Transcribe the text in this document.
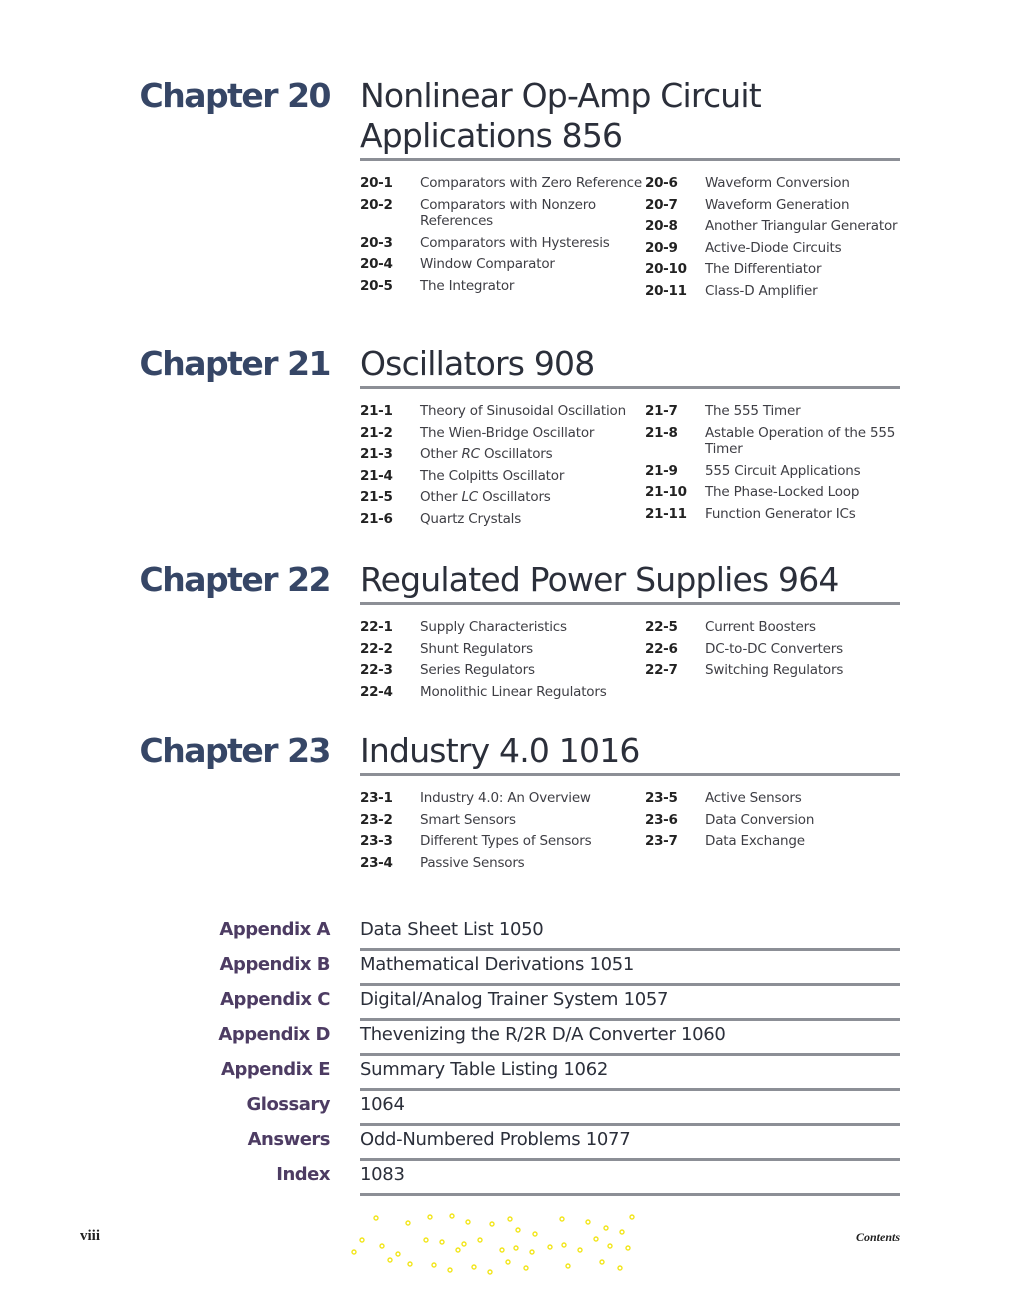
Chapter 20 Nonlinear Op-Amp Circuit Applications 856
20-1	Comparators with Zero Reference
20-2	Comparators with Nonzero References
20-3	Comparators with Hysteresis
20-4	Window Comparator
20-5	The Integrator
20-6	Waveform Conversion
20-7	Waveform Generation
20-8	Another Triangular Generator
20-9	Active-Diode Circuits
20-10	The Differentiator
20-11	Class-D Amplifier
Chapter 21 Oscillators 908
21-1	Theory of Sinusoidal Oscillation
21-2	The Wien-Bridge Oscillator
21-3	Other RC Oscillators
21-4	The Colpitts Oscillator
21-5	Other LC Oscillators
21-6	Quartz Crystals
21-7	The 555 Timer
21-8	Astable Operation of the 555 Timer
21-9	555 Circuit Applications
21-10	The Phase-Locked Loop
21-11	Function Generator ICs
Chapter 22 Regulated Power Supplies 964
22-1	Supply Characteristics
22-2	Shunt Regulators
22-3	Series Regulators
22-4	Monolithic Linear Regulators
22-5	Current Boosters
22-6	DC-to-DC Converters
22-7	Switching Regulators
Chapter 23 Industry 4.0 1016
23-1	Industry 4.0: An Overview
23-2	Smart Sensors
23-3	Different Types of Sensors
23-4	Passive Sensors
23-5	Active Sensors
23-6	Data Conversion
23-7	Data Exchange
Appendix A Data Sheet List 1050
Appendix B Mathematical Derivations 1051
Appendix C Digital/Analog Trainer System 1057
Appendix D Thevenizing the R/2R D/A Converter 1060
Appendix E Summary Table Listing 1062
Glossary 1064
Answers Odd-Numbered Problems 1077
Index 1083
viii	Contents
